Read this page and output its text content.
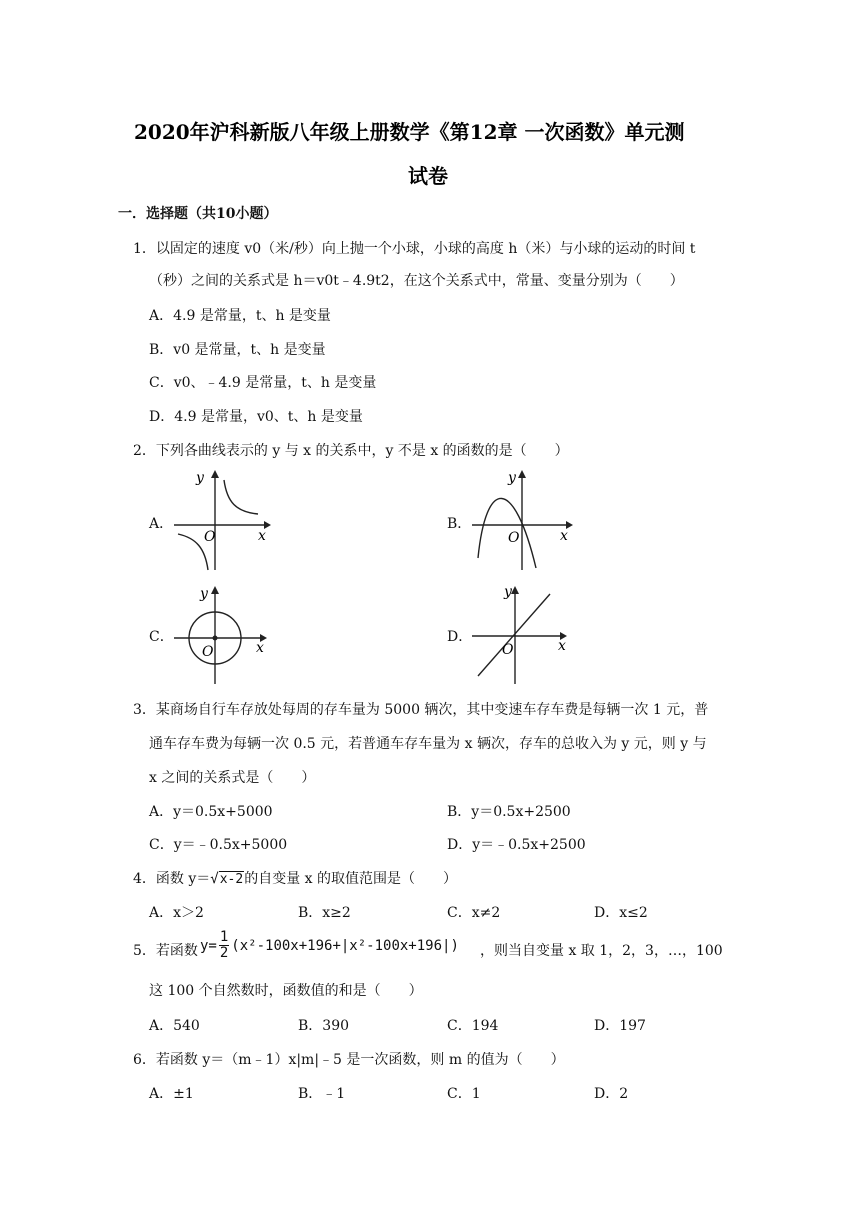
2020年沪科新版八年级上册数学《第12章 一次函数》单元测
试卷
一．选择题（共10小题）
1．以固定的速度 v0（米/秒）向上抛一个小球，小球的高度 h（米）与小球的运动的时间 t
（秒）之间的关系式是 h＝v0t﹣4.9t2，在这个关系式中，常量、变量分别为（　　）
A．4.9 是常量，t、h 是变量
B．v0 是常量，t、h 是变量
C．v0、﹣4.9 是常量，t、h 是变量
D．4.9 是常量，v0、t、h 是变量
2．下列各曲线表示的 y 与 x 的关系中，y 不是 x 的函数的是（　　）
A．
y
O	x
B．
y
O	x
C．
y
O	x
D．
y
O	x
3．某商场自行车存放处每周的存车量为 5000 辆次，其中变速车存车费是每辆一次 1 元，普
通车存车费为每辆一次 0.5 元，若普通车存车量为 x 辆次，存车的总收入为 y 元，则 y 与
x 之间的关系式是（　　）
A．y＝0.5x+5000	B．y＝0.5x+2500
C．y＝﹣0.5x+5000	D．y＝﹣0.5x+2500
4．函数 y＝√x-2的自变量 x 的取值范围是（　　）
A．x＞2	B．x≥2	C．x≠2	D．x≤2
5．若函数 $y= \frac{1}{2} (x^2-100x+196+|x^2-100x+196|)$ ，则当自变量 x 取 1，2，3，…，100
这 100 个自然数时，函数值的和是（　　）
A．540	B．390	C．194	D．197
6．若函数 y＝（m﹣1）x|m|﹣5 是一次函数，则 m 的值为（　　）
A．±1	B．﹣1	C．1	D．2
